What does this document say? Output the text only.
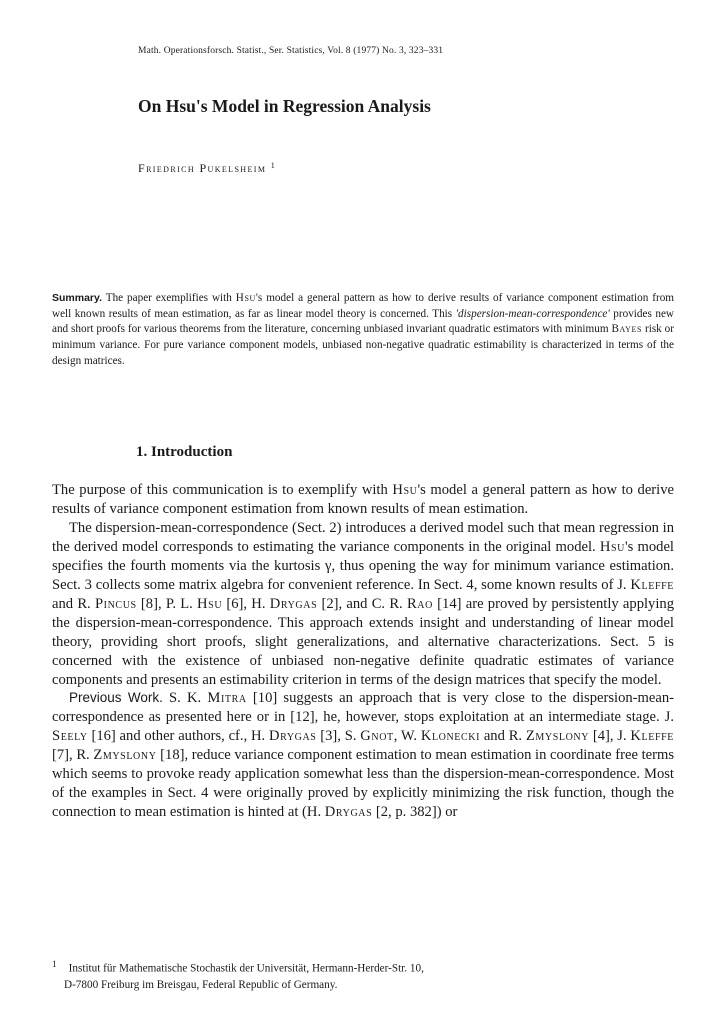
Math. Operationsforsch. Statist., Ser. Statistics, Vol. 8 (1977) No. 3, 323–331
On Hsu's Model in Regression Analysis
Friedrich Pukelsheim $^1$
Summary. The paper exemplifies with Hsu's model a general pattern as how to derive results of variance component estimation from well known results of mean estimation, as far as linear model theory is concerned. This 'dispersion-mean-correspondence' provides new and short proofs for various theorems from the literature, concerning unbiased invariant quadratic estimators with minimum Bayes risk or minimum variance. For pure variance component models, unbiased non-negative quadratic estimability is characterized in terms of the design matrices.
1. Introduction

The purpose of this communication is to exemplify with Hsu's model a general pattern as how to derive results of variance component estimation from known results of mean estimation.

The dispersion-mean-correspondence (Sect. 2) introduces a derived model such that mean regression in the derived model corresponds to estimating the variance components in the original model. Hsu's model specifies the fourth moments via the kurtosis γ, thus opening the way for minimum variance estimation. Sect. 3 collects some matrix algebra for convenient reference. In Sect. 4, some known results of J. Kleffe and R. Pincus [8], P. L. Hsu [6], H. Drygas [2], and C. R. Rao [14] are proved by persistently applying the dispersion-mean-correspondence. This approach extends insight and understanding of linear model theory, providing short proofs, slight generalizations, and alternative characterizations. Sect. 5 is concerned with the existence of unbiased non-negative definite quadratic estimates of variance components and presents an estimability criterion in terms of the design matrices that specify the model.

Previous Work. S. K. Mitra [10] suggests an approach that is very close to the dispersion-mean-correspondence as presented here or in [12], he, however, stops exploitation at an intermediate stage. J. Seely [16] and other authors, cf., H. Drygas [3], S. Gnot, W. Klonecki and R. Zmyslony [4], J. Kleffe [7], R. Zmyslony [18], reduce variance component estimation to mean estimation in coordinate free terms which seems to provoke ready application somewhat less than the dispersion-mean-correspondence. Most of the examples in Sect. 4 were originally proved by explicitly minimizing the risk function, though the connection to mean estimation is hinted at (H. Drygas [2, p. 382]) or

$^1$ Institut für Mathematische Stochastik der Universität, Hermann-Herder-Str. 10,
D-7800 Freiburg im Breisgau, Federal Republic of Germany.
